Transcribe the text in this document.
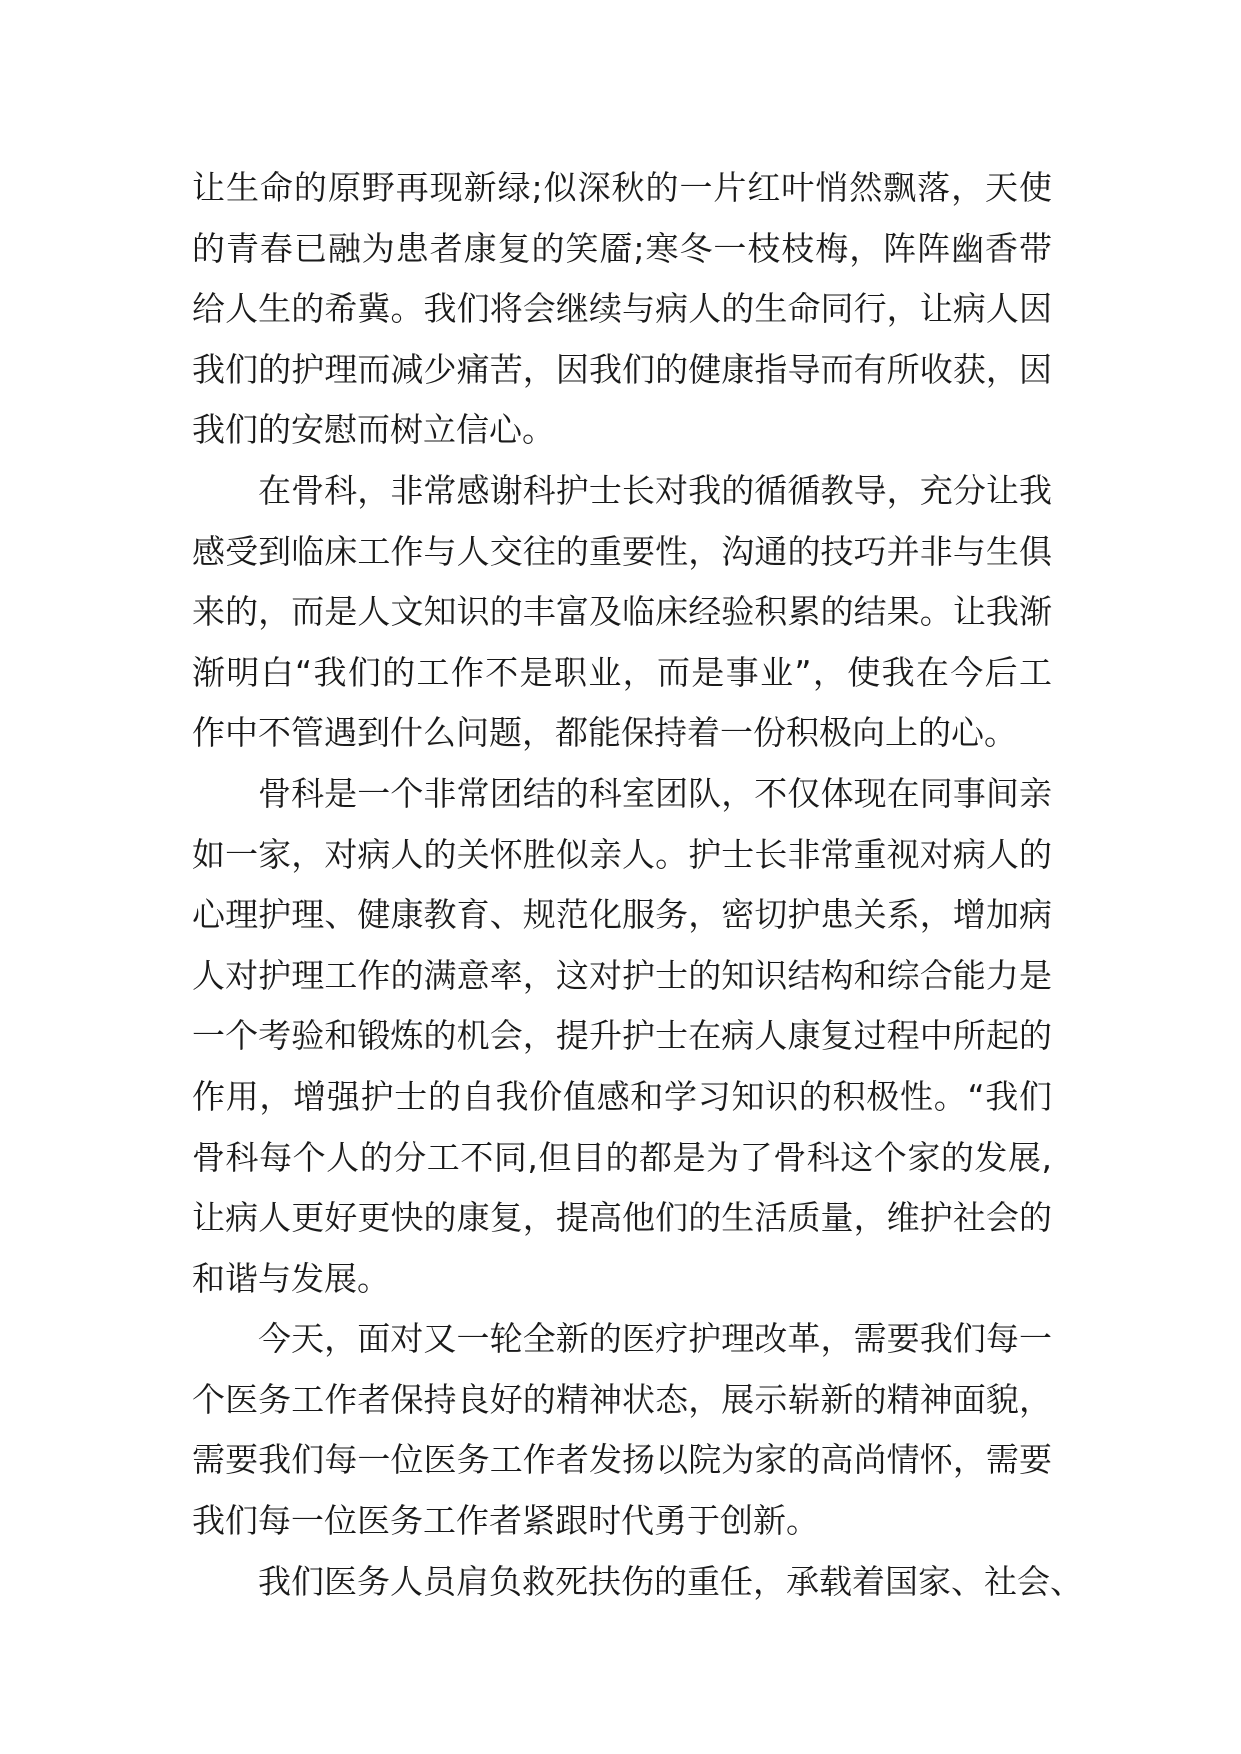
让生命的原野再现新绿;似深秋的一片红叶悄然飘落，天使
的青春已融为患者康复的笑靥;寒冬一枝枝梅，阵阵幽香带
给人生的希冀。我们将会继续与病人的生命同行，让病人因
我们的护理而减少痛苦，因我们的健康指导而有所收获，因
我们的安慰而树立信心。
在骨科，非常感谢科护士长对我的循循教导，充分让我
感受到临床工作与人交往的重要性，沟通的技巧并非与生俱
来的，而是人文知识的丰富及临床经验积累的结果。让我渐
渐明白“我们的工作不是职业，而是事业”，使我在今后工
作中不管遇到什么问题，都能保持着一份积极向上的心。
骨科是一个非常团结的科室团队，不仅体现在同事间亲
如一家，对病人的关怀胜似亲人。护士长非常重视对病人的
心理护理、健康教育、规范化服务，密切护患关系，增加病
人对护理工作的满意率，这对护士的知识结构和综合能力是
一个考验和锻炼的机会，提升护士在病人康复过程中所起的
作用，增强护士的自我价值感和学习知识的积极性。“我们
骨科每个人的分工不同,但目的都是为了骨科这个家的发展,
让病人更好更快的康复，提高他们的生活质量，维护社会的
和谐与发展。
今天，面对又一轮全新的医疗护理改革，需要我们每一
个医务工作者保持良好的精神状态，展示崭新的精神面貌，
需要我们每一位医务工作者发扬以院为家的高尚情怀，需要
我们每一位医务工作者紧跟时代勇于创新。
我们医务人员肩负救死扶伤的重任，承载着国家、社会、
